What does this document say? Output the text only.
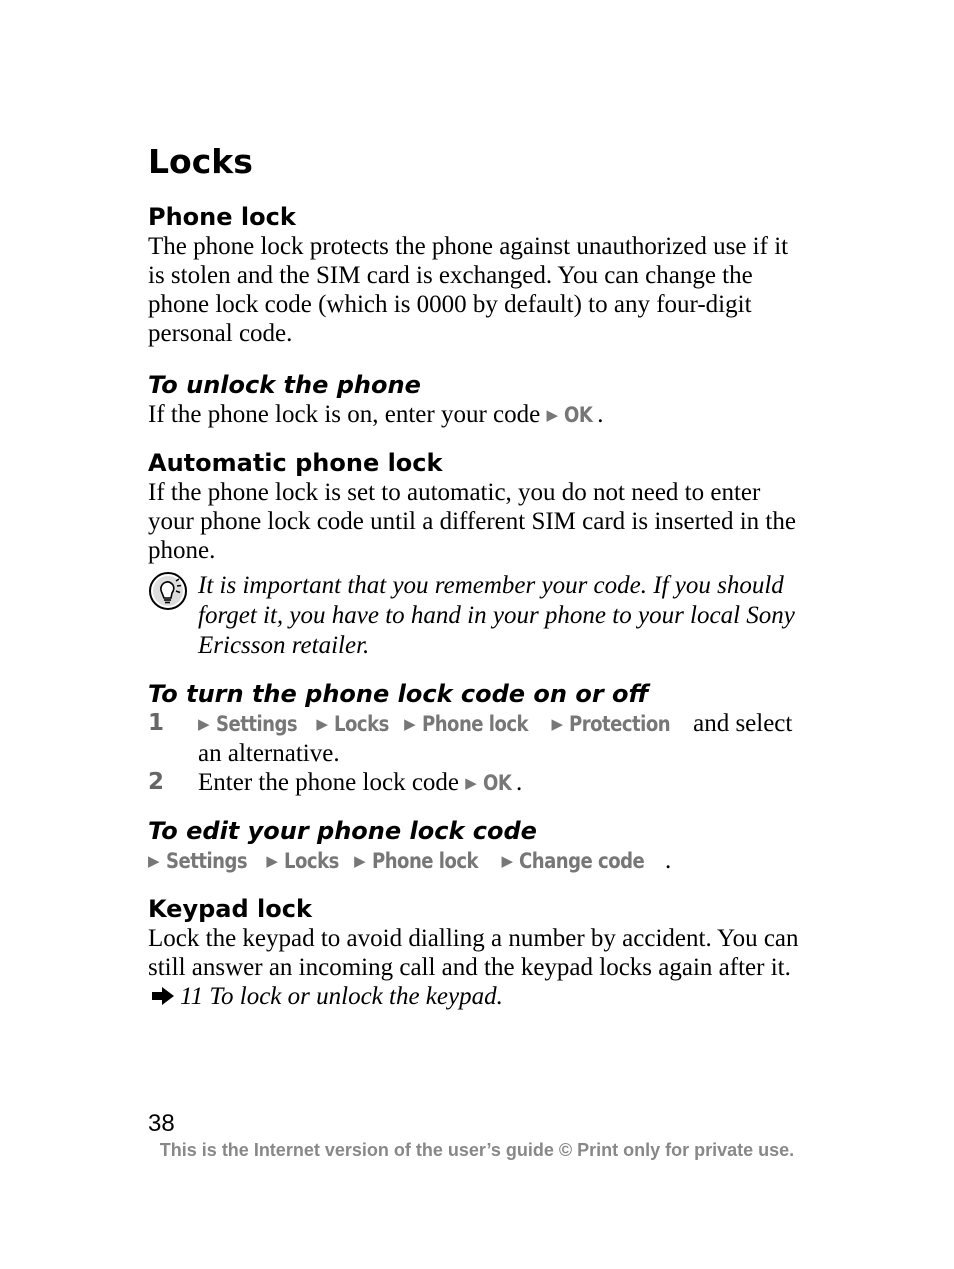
Locks
Phone lock

The phone lock protects the phone against unauthorized use if it is stolen and the SIM card is exchanged. You can change the phone lock code (which is 0000 by default) to any four-digit personal code.

To unlock the phone

If the phone lock is on, enter your code ▶ OK .

Automatic phone lock

If the phone lock is set to automatic, you do not need to enter your phone lock code until a different SIM card is inserted in the phone.

It is important that you remember your code. If you should forget it, you have to hand in your phone to your local Sony Ericsson retailer.

To turn the phone lock code on or off
1	▶ Settings ▶ Locks ▶ Phone lock ▶ Protection and select an alternative.
2	Enter the phone lock code ▶ OK .
To edit your phone lock code

▶ Settings ▶ Locks ▶ Phone lock ▶ Change code .

Keypad lock

Lock the keypad to avoid dialling a number by accident. You can still answer an incoming call and the keypad locks again after it.11 To lock or unlock the keypad.

38
This is the Internet version of the user’s guide © Print only for private use.
